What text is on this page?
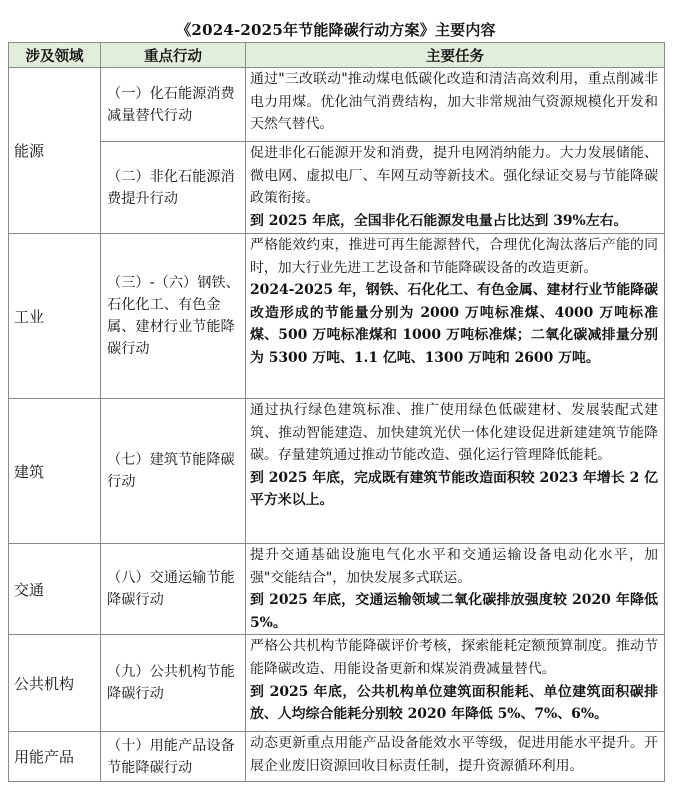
《2024-2025年节能降碳行动方案》主要内容
涉及领域	重点行动	主要任务
能源	（一）化石能源消费减量替代行动	通过"三改联动"推动煤电低碳化改造和清洁高效利用，重点削减非电力用煤。优化油气消费结构，加大非常规油气资源规模化开发和天然气替代。

	（二）非化石能源消费提升行动	促进非化石能源开发和消费，提升电网消纳能力。大力发展储能、微电网、虚拟电厂、车网互动等新技术。强化绿证交易与节能降碳政策衔接。
到 2025 年底，全国非化石能源发电量占比达到 39%左右。

工业	（三）-（六）钢铁、石化化工、有色金属、建材行业节能降碳行动	严格能效约束，推进可再生能源替代，合理优化淘汰落后产能的同时，加大行业先进工艺设备和节能降碳设备的改造更新。
2024-2025 年，钢铁、石化化工、有色金属、建材行业节能降碳改造形成的节能量分别为 2000 万吨标准煤、4000 万吨标准煤、500 万吨标准煤和 1000 万吨标准煤；二氧化碳减排量分别为 5300 万吨、1.1 亿吨、1300 万吨和 2600 万吨。

建筑	（七）建筑节能降碳行动	通过执行绿色建筑标准、推广使用绿色低碳建材、发展装配式建筑、推动智能建造、加快建筑光伏一体化建设促进新建建筑节能降碳。存量建筑通过推动节能改造、强化运行管理降低能耗。
到 2025 年底，完成既有建筑节能改造面积较 2023 年增长 2 亿平方米以上。

交通	（八）交通运输节能降碳行动	提升交通基础设施电气化水平和交通运输设备电动化水平，加强"交能结合"，加快发展多式联运。
到 2025 年底，交通运输领域二氧化碳排放强度较 2020 年降低 5%。

公共机构	（九）公共机构节能降碳行动	严格公共机构节能降碳评价考核，探索能耗定额预算制度。推动节能降碳改造、用能设备更新和煤炭消费减量替代。
到 2025 年底，公共机构单位建筑面积能耗、单位建筑面积碳排放、人均综合能耗分别较 2020 年降低 5%、7%、6%。

用能产品	（十）用能产品设备节能降碳行动	动态更新重点用能产品设备能效水平等级，促进用能水平提升。开展企业废旧资源回收目标责任制，提升资源循环利用。
